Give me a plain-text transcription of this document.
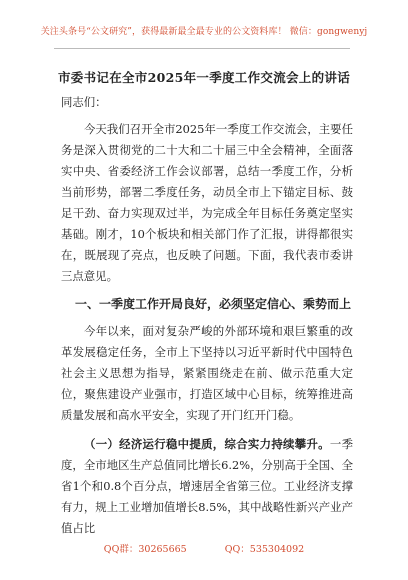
关注头条号“公文研究”，获得最新最全最专业的公文资料库！ 微信：gongwenyj
市委书记在全市2025年一季度工作交流会上的讲话

同志们：

今天我们召开全市2025年一季度工作交流会，主要任务是深入贯彻党的二十大和二十届三中全会精神，全面落实中央、省委经济工作会议部署，总结一季度工作，分析当前形势，部署二季度任务，动员全市上下锚定目标、鼓足干劲、奋力实现双过半，为完成全年目标任务奠定坚实基础。刚才，10个板块和相关部门作了汇报，讲得都很实在，既展现了亮点，也反映了问题。下面，我代表市委讲三点意见。

一、一季度工作开局良好，必须坚定信心、乘势而上

今年以来，面对复杂严峻的外部环境和艰巨繁重的改革发展稳定任务，全市上下坚持以习近平新时代中国特色社会主义思想为指导，紧紧围绕走在前、做示范重大定位，聚焦建设产业强市，打造区域中心目标，统筹推进高质量发展和高水平安全，实现了开门红开门稳。

（一）经济运行稳中提质，综合实力持续攀升。一季度，全市地区生产总值同比增长6.2%，分别高于全国、全省1个和0.8个百分点，增速居全省第三位。工业经济支撑有力，规上工业增加值增长8.5%，其中战略性新兴产业产值占比

QQ群：30265665	QQ：535304092
